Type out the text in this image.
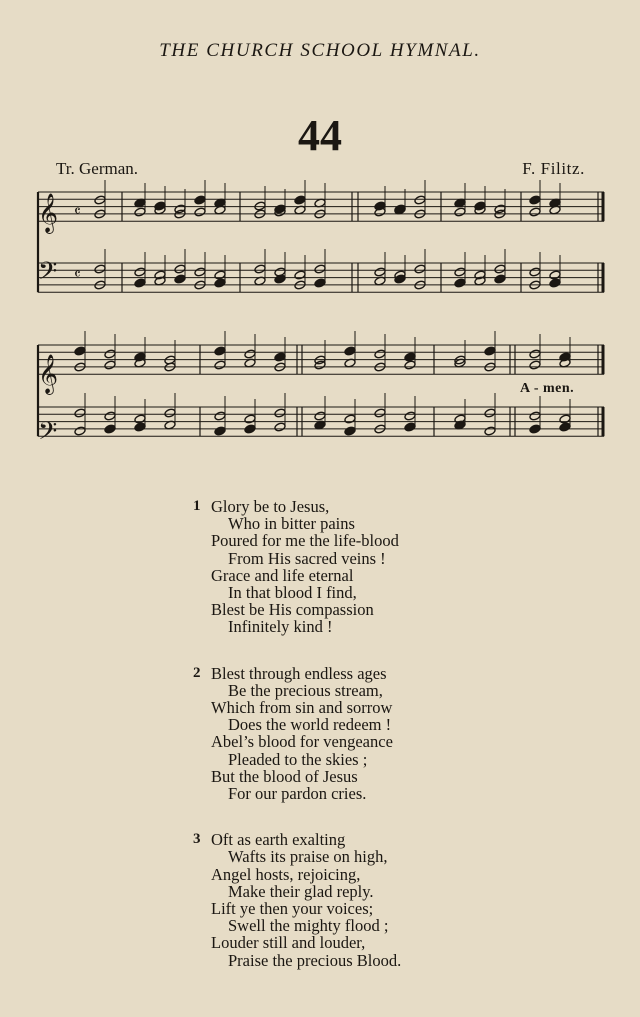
THE CHURCH SCHOOL HYMNAL.
44
Tr. German.	F. Filitz.
𝄞
𝄢
𝄞
𝄢
𝄴
𝄴
A - men.
1 Glory be to Jesus,
Who in bitter pains
Poured for me the life-blood
From His sacred veins !
Grace and life eternal
In that blood I find,
Blest be His compassion
Infinitely kind !
2 Blest through endless ages
Be the precious stream,
Which from sin and sorrow
Does the world redeem !
Abel’s blood for vengeance
Pleaded to the skies ;
But the blood of Jesus
For our pardon cries.
3 Oft as earth exalting
Wafts its praise on high,
Angel hosts, rejoicing,
Make their glad reply.
Lift ye then your voices;
Swell the mighty flood ;
Louder still and louder,
Praise the precious Blood.
